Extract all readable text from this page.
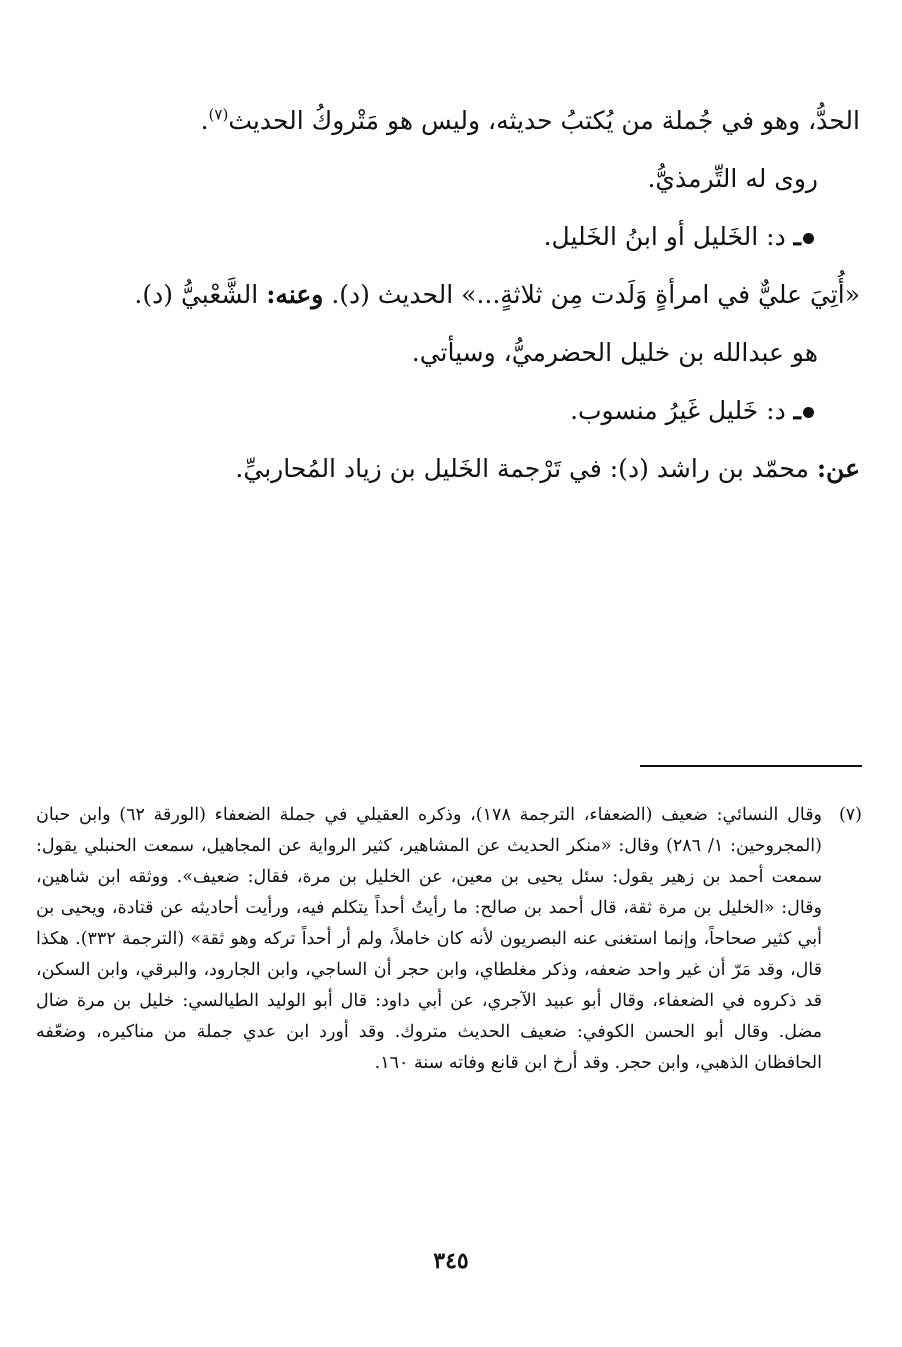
الحدُّ، وهو في جُملة من يُكتبُ حديثه، وليس هو مَتْروكُ الحديث$^{(٧)}$.

روى له التِّرمذيُّ.

ـ د: الخَليل أو ابنُ الخَليل.

«أُتِيَ عليٌّ في امرأةٍ وَلَدت مِن ثلاثةٍ...» الحديث (د). وعنه: الشَّعْبيُّ (د).

هو عبدالله بن خليل الحضرميُّ، وسيأتي.

ـ د: خَليل غَيرُ منسوب.

عن: محمّد بن راشد (د): في تَرْجمة الخَليل بن زياد المُحاربيِّ.

(٧)
وقال النسائي: ضعيف (الضعفاء، الترجمة ١٧٨)، وذكره العقيلي في جملة الضعفاء (الورقة ٦٢) وابن حبان (المجروحين: ١/ ٢٨٦) وقال: «منكر الحديث عن المشاهير، كثير الرواية عن المجاهيل، سمعت الحنبلي يقول: سمعت أحمد بن زهير يقول: سئل يحيى بن معين، عن الخليل بن مرة، فقال: ضعيف». ووثقه ابن شاهين، وقال: «الخليل بن مرة ثقة، قال أحمد بن صالح: ما رأيتُ أحداً يتكلم فيه، ورأيت أحاديثه عن قتادة، ويحيى بن أبي كثير صحاحاً، وإنما استغنى عنه البصريون لأنه كان خاملاً، ولم أر أحداً تركه وهو ثقة» (الترجمة ٣٣٢). هكذا قال، وقد مَرّ أن غير واحد ضعفه، وذكر مغلطاي، وابن حجر أن الساجي، وابن الجارود، والبرقي، وابن السكن، قد ذكروه في الضعفاء، وقال أبو عبيد الآجري، عن أبي داود: قال أبو الوليد الطيالسي: خليل بن مرة ضال مضل. وقال أبو الحسن الكوفي: ضعيف الحديث متروك. وقد أورد ابن عدي جملة من مناكيره، وضعّفه الحافظان الذهبي، وابن حجر. وقد أرخ ابن قانع وفاته سنة ١٦٠.
٣٤٥
